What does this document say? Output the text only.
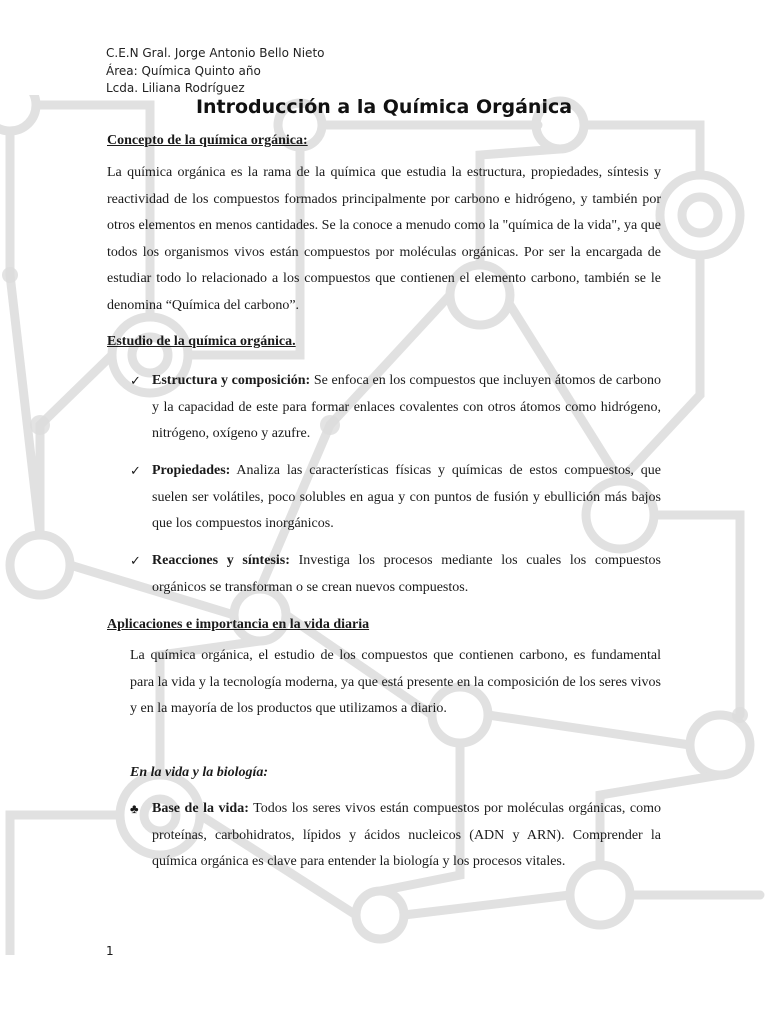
C.E.N Gral. Jorge Antonio Bello Nieto
Área: Química Quinto año
Lcda. Liliana Rodríguez
Introducción a la Química Orgánica
Concepto de la química orgánica:
La química orgánica es la rama de la química que estudia la estructura, propiedades, síntesis y reactividad de los compuestos formados principalmente por carbono e hidrógeno, y también por otros elementos en menos cantidades. Se la conoce a menudo como la "química de la vida", ya que todos los organismos vivos están compuestos por moléculas orgánicas. Por ser la encargada de estudiar todo lo relacionado a los compuestos que contienen el elemento carbono, también se le denomina “Química del carbono”.
Estudio de la química orgánica.
✓ Estructura y composición: Se enfoca en los compuestos que incluyen átomos de carbono y la capacidad de este para formar enlaces covalentes con otros átomos como hidrógeno, nitrógeno, oxígeno y azufre.
✓ Propiedades: Analiza las características físicas y químicas de estos compuestos, que suelen ser volátiles, poco solubles en agua y con puntos de fusión y ebullición más bajos que los compuestos inorgánicos.
✓ Reacciones y síntesis: Investiga los procesos mediante los cuales los compuestos orgánicos se transforman o se crean nuevos compuestos.
Aplicaciones e importancia en la vida diaria
La química orgánica, el estudio de los compuestos que contienen carbono, es fundamental para la vida y la tecnología moderna, ya que está presente en la composición de los seres vivos y en la mayoría de los productos que utilizamos a diario.
En la vida y la biología:
♣ Base de la vida: Todos los seres vivos están compuestos por moléculas orgánicas, como proteínas, carbohidratos, lípidos y ácidos nucleicos (ADN y ARN). Comprender la química orgánica es clave para entender la biología y los procesos vitales.
1
